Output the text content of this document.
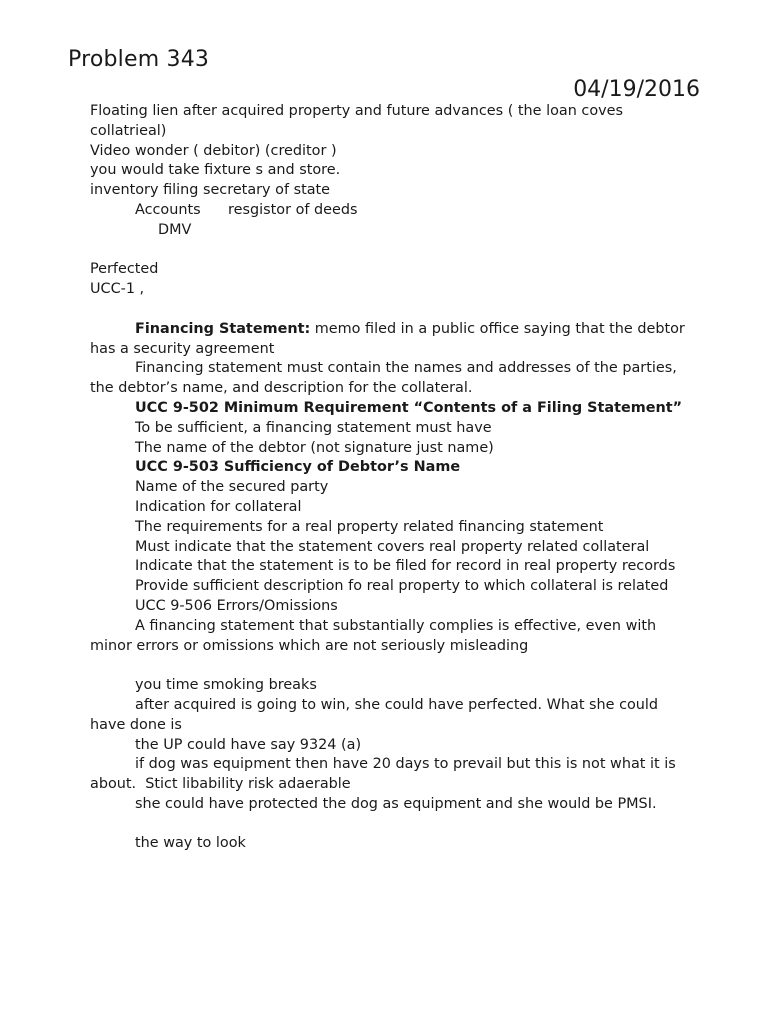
Problem 343
04/19/2016

Floating lien after acquired property and future advances ( the loan coves collatrieal)

Video wonder ( debitor) (creditor )

you would take fixture s and store.

inventory filing secretary of state

Accounts      resgistor of deeds

DMV

Perfected

UCC-1 ,

Financing Statement: memo filed in a public office saying that the debtor has a security agreement

Financing statement must contain the names and addresses of the parties, the debtor’s name, and description for the collateral.

UCC 9-502 Minimum Requirement “Contents of a Filing Statement”

To be sufficient, a financing statement must have

The name of the debtor (not signature just name)

UCC 9-503 Sufficiency of Debtor’s Name

Name of the secured party

Indication for collateral

The requirements for a real property related financing statement

Must indicate that the statement covers real property related collateral

Indicate that the statement is to be filed for record in real property records

Provide sufficient description fo real property to which collateral is related

UCC 9-506 Errors/Omissions

A financing statement that substantially complies is effective, even with minor errors or omissions which are not seriously misleading

you time smoking breaks

after acquired is going to win, she could have perfected. What she could have done is

the UP could have say 9324 (a)

if dog was equipment then have 20 days to prevail but this is not what it is about.  Stict libability risk adaerable

she could have protected the dog as equipment and she would be PMSI.

the way to look
